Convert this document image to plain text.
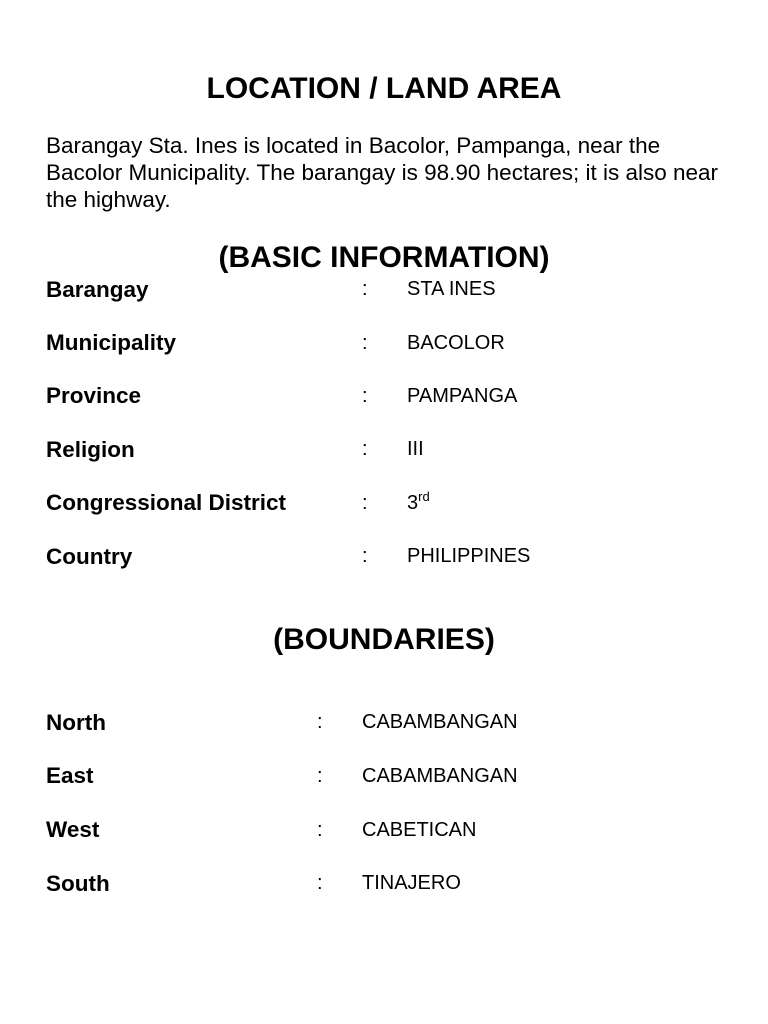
LOCATION / LAND AREA

Barangay Sta. Ines is located in Bacolor, Pampanga, near the Bacolor Municipality. The barangay is 98.90 hectares; it is also near the highway.

(BASIC INFORMATION)
Barangay	:	STA INES
Municipality	:	BACOLOR
Province	:	PAMPANGA
Religion	:	III
Congressional District	:	3rd
Country	:	PHILIPPINES
(BOUNDARIES)
North	:	CABAMBANGAN
East	:	CABAMBANGAN
West	:	CABETICAN
South	:	TINAJERO
